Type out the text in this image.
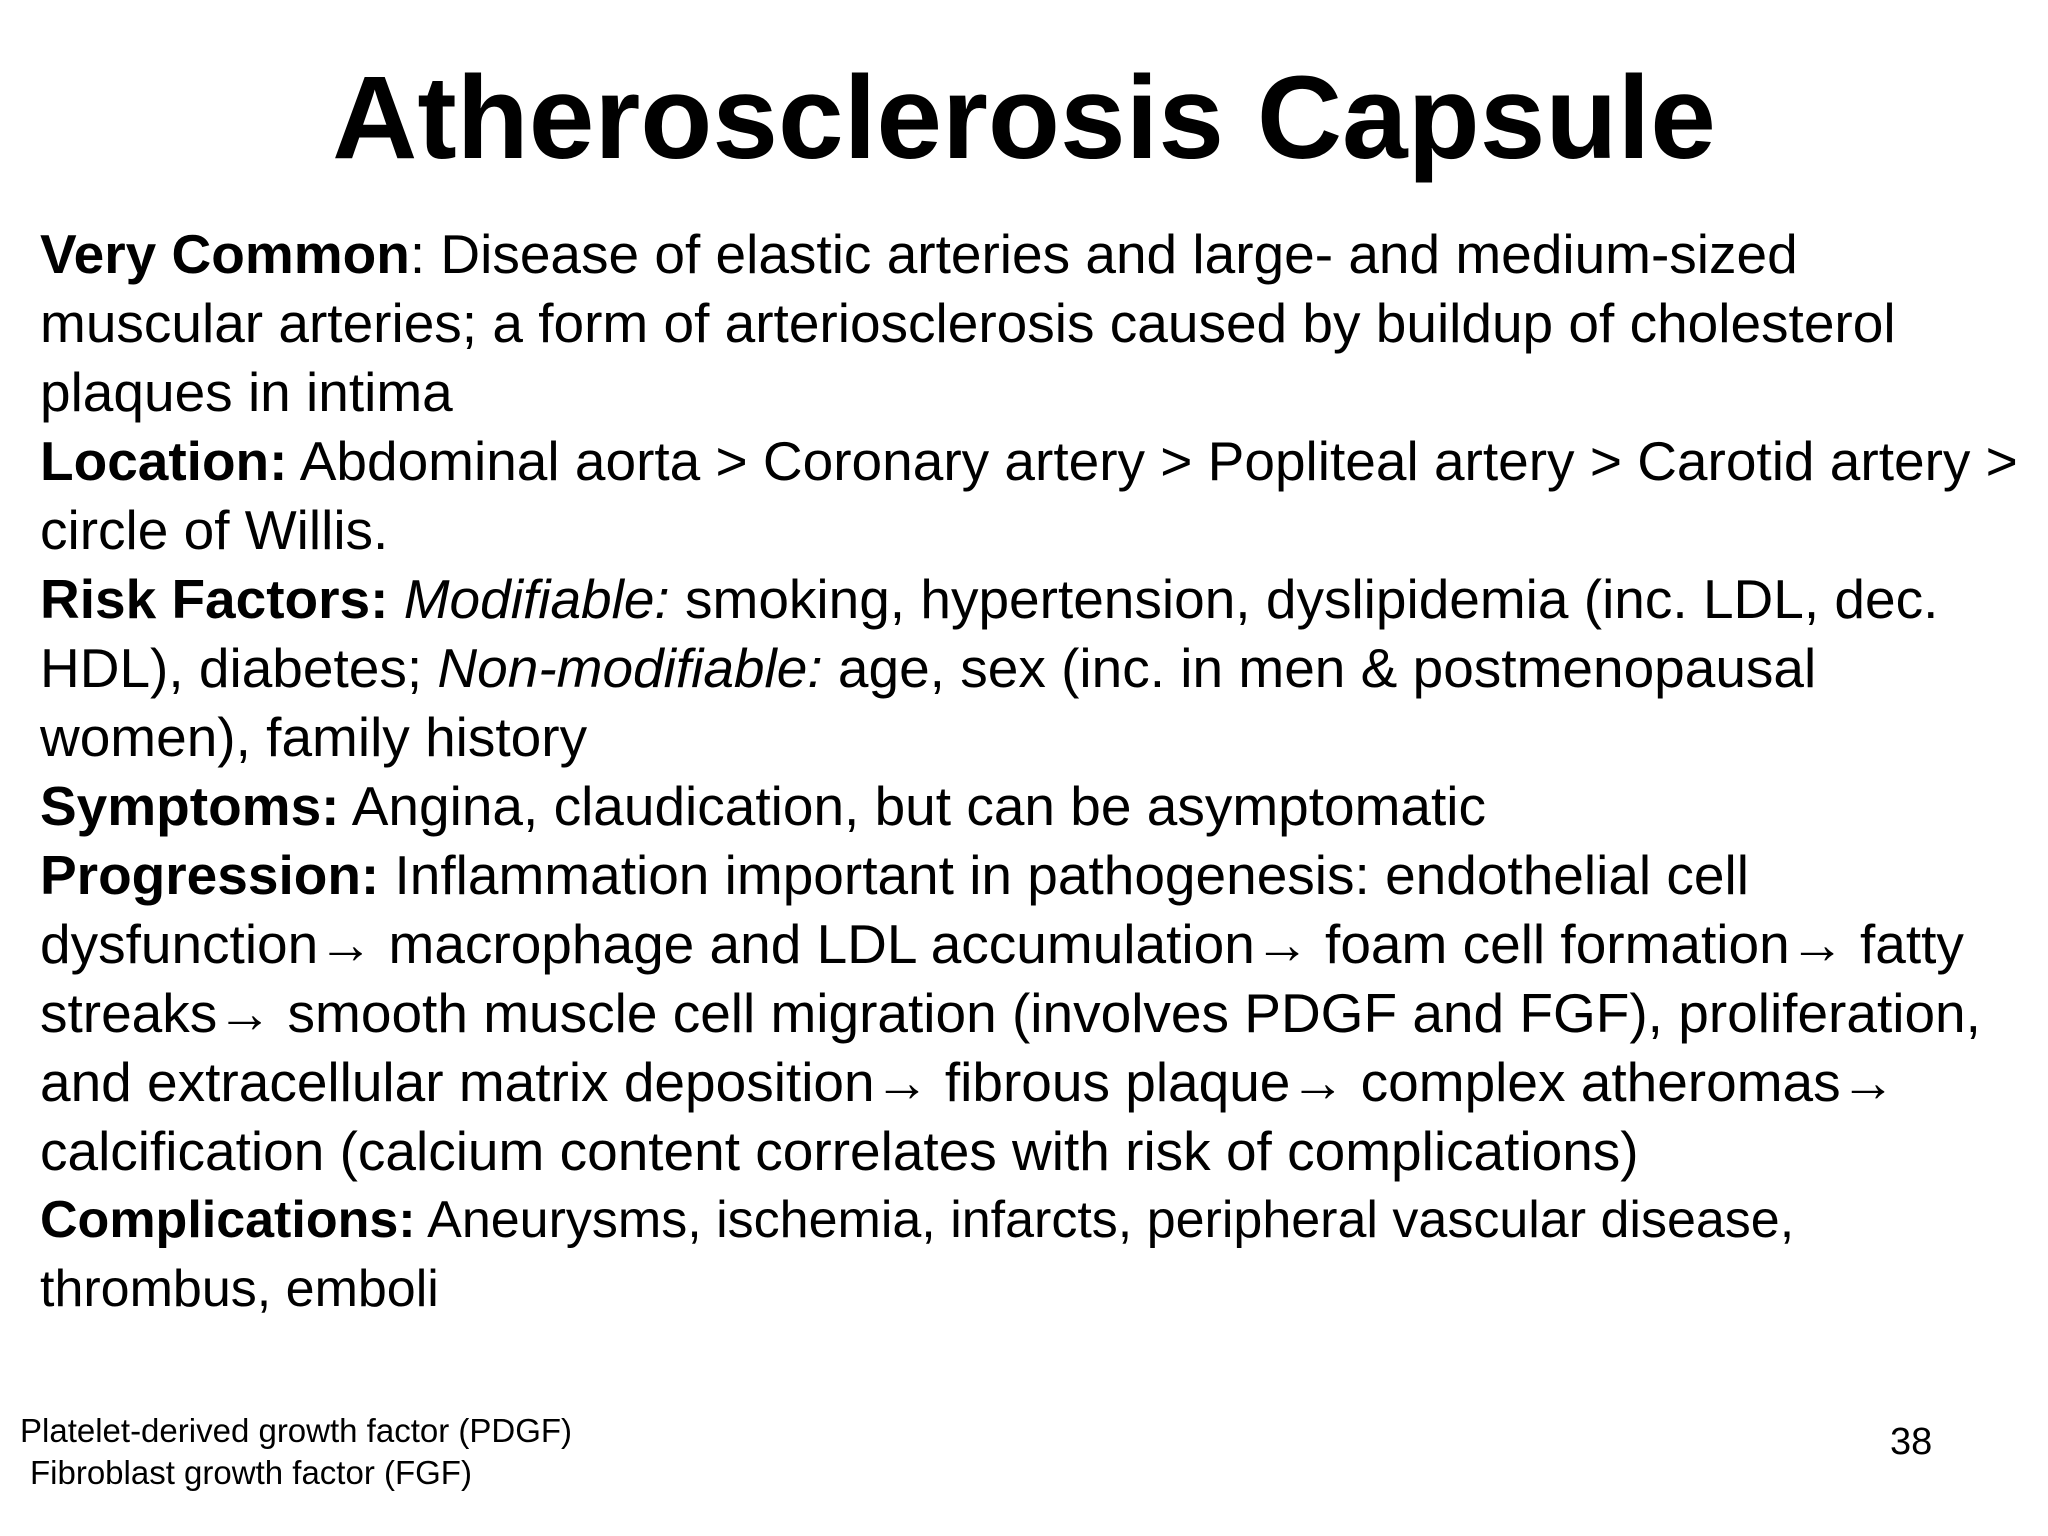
Atherosclerosis Capsule

Very Common: Disease of elastic arteries and large- and medium-sized muscular arteries; a form of arteriosclerosis caused by buildup of cholesterol plaques in intima

Location: Abdominal aorta > Coronary artery > Popliteal artery > Carotid artery > circle of Willis.

Risk Factors: Modifiable: smoking, hypertension, dyslipidemia (inc. LDL, dec. HDL), diabetes; Non-modifiable: age, sex (inc. in men & postmenopausal women), family history

Symptoms: Angina, claudication, but can be asymptomatic

Progression: Inflammation important in pathogenesis: endothelial cell dysfunction→ macrophage and LDL accumulation→ foam cell formation→ fatty streaks→ smooth muscle cell migration (involves PDGF and FGF), proliferation, and extracellular matrix deposition→ fibrous plaque→ complex atheromas→ calcification (calcium content correlates with risk of complications)

Complications: Aneurysms, ischemia, infarcts, peripheral vascular disease, thrombus, emboli

Platelet-derived growth factor (PDGF)
Fibroblast growth factor (FGF)
38
